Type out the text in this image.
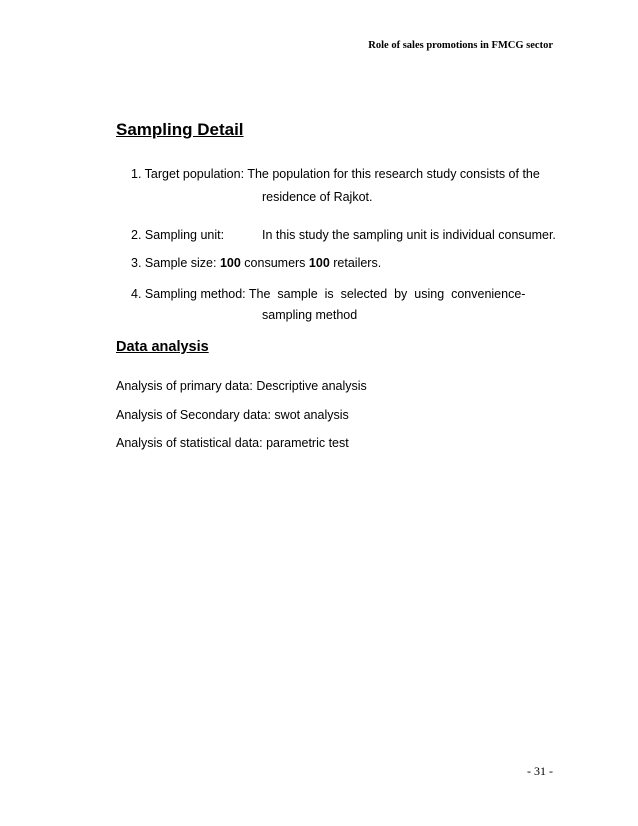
Role of sales promotions in FMCG sector
Sampling Detail
1. Target population: The population for this research study consists of the
residence of Rajkot.
2. Sampling unit:	In this study the sampling unit is individual consumer.
3. Sample size: 100 consumers 100 retailers.
4. Sampling method: The  sample  is  selected  by  using  convenience-
sampling method
Data analysis
Analysis of primary data: Descriptive analysis
Analysis of Secondary data: swot analysis
Analysis of statistical data: parametric test
- 31 -
